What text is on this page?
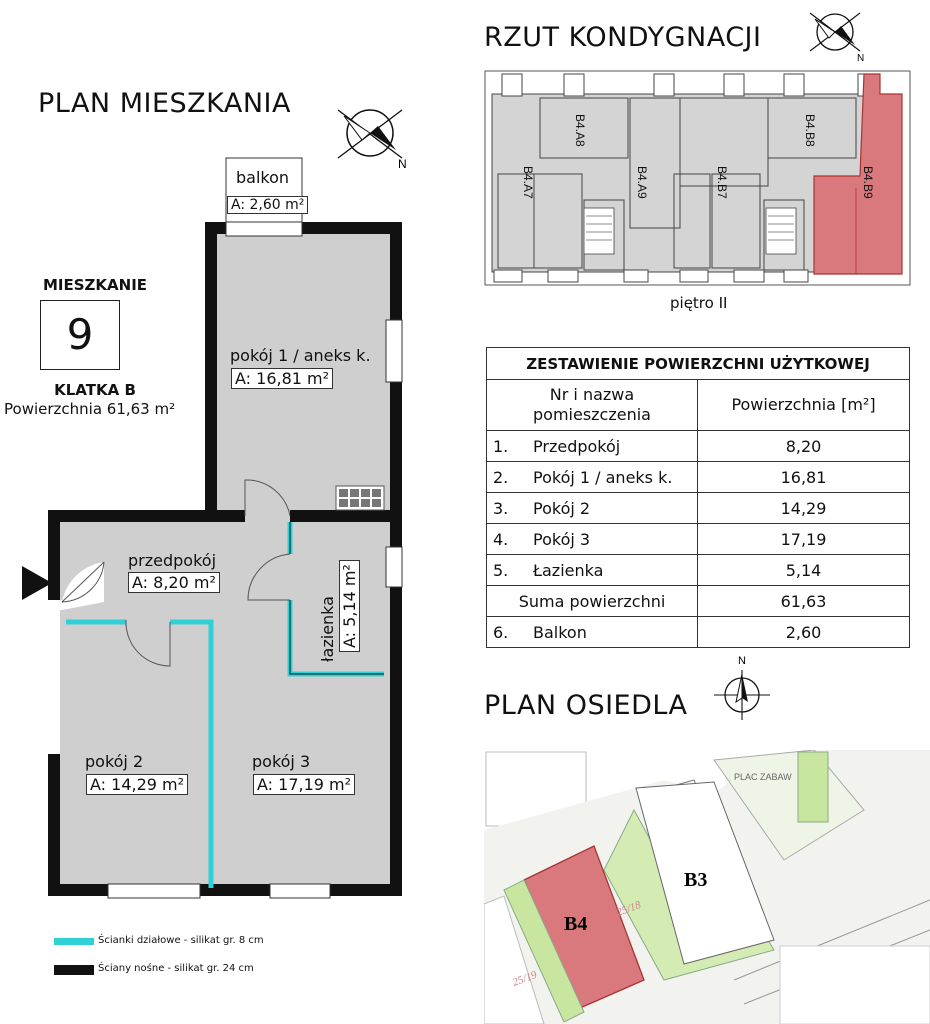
PLAN MIESZKANIA
RZUT KONDYGNACJI
PLAN OSIEDLA
N
N
N
MIESZKANIE
9
KLATKA B
Powierzchnia 61,63 m²
balkon
A: 2,60 m²
pokój 1 / aneks k.
A: 16,81 m²
przedpokój
A: 8,20 m²
łazienka A: 5,14 m²
pokój 2
A: 14,29 m²
pokój 3
A: 17,19 m²
Ścianki działowe - silikat gr. 8 cm
Ściany nośne - silikat gr. 24 cm
B4.A8
B4.A7	B4.A9	B4.B7
B4.B8
B4.B9
piętro II
ZESTAWIENIE POWIERZCHNI UŻYTKOWEJ		

Nr i nazwa pomieszczenia		Powierzchnia [m²]
1.	Przedpokój	8,20
2.	Pokój 1 / aneks k.	16,81
3.	Pokój 2	14,29
4.	Pokój 3	17,19
5.	Łazienka	5,14
Suma powierzchni		61,63
6.	Balkon	2,60
B4
B3
PLAC ZABAW
25/19
25/18
